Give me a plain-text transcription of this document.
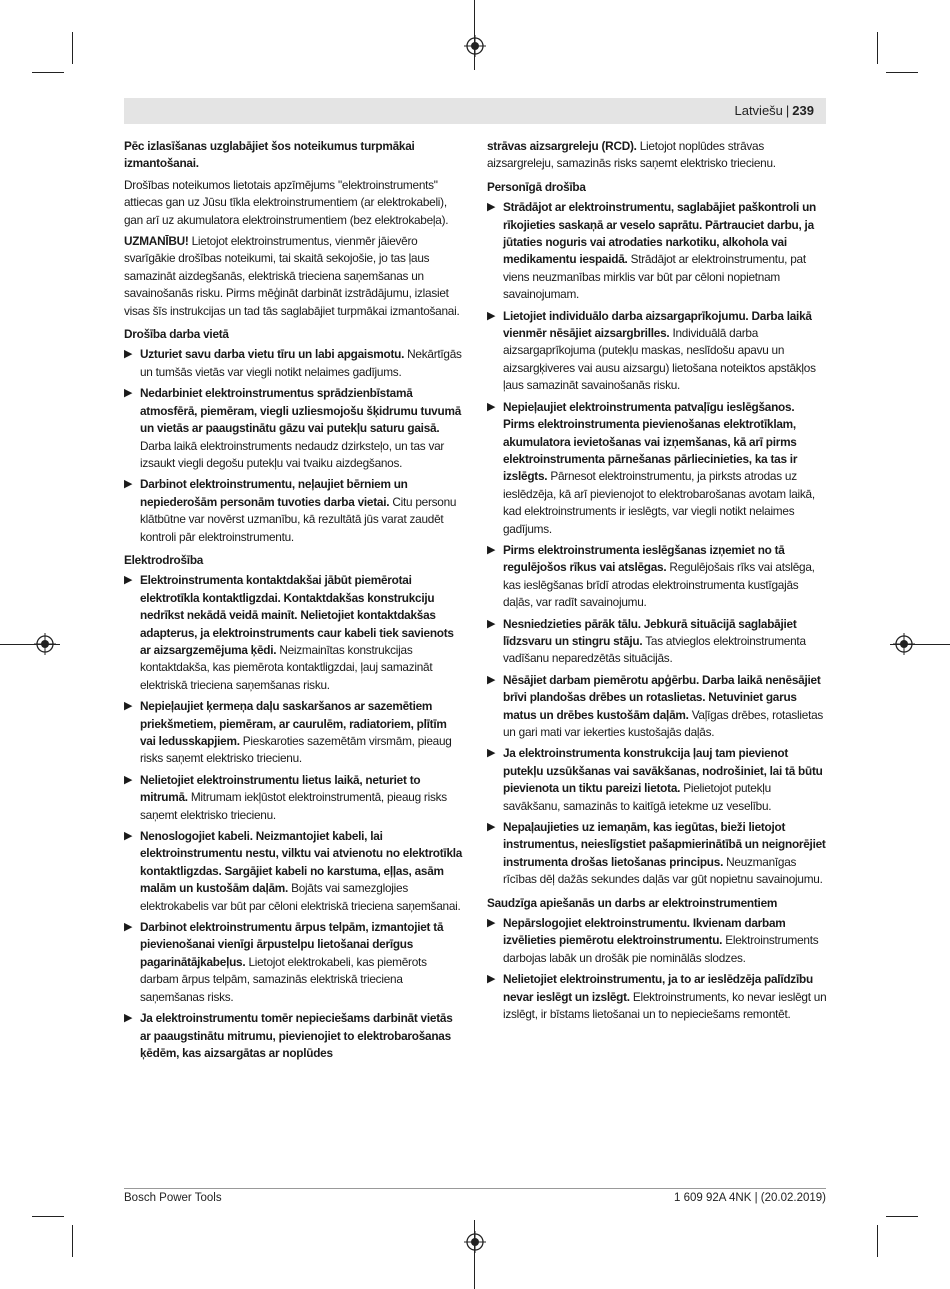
Latviešu | 239

Pēc izlasīšanas uzglabājiet šos noteikumus turpmākai izmantošanai.

Drošības noteikumos lietotais apzīmējums "elektroinstruments" attiecas gan uz Jūsu tīkla elektroinstrumentiem (ar elektrokabeli), gan arī uz akumulatora elektroinstrumentiem (bez elektrokabeļa).

UZMANĪBU! Lietojot elektroinstrumentus, vienmēr jāievēro svarīgākie drošības noteikumi, tai skaitā sekojošie, jo tas ļaus samazināt aizdegšanās, elektriskā trieciena saņemšanas un savainošanās risku. Pirms mēģināt darbināt izstrādājumu, izlasiet visas šīs instrukcijas un tad tās saglabājiet turpmākai izmantošanai.

Drošība darba vietā

▶ Uzturiet savu darba vietu tīru un labi apgaismotu. Nekārtīgās un tumšās vietās var viegli notikt nelaimes gadījums.
▶ Nedarbiniet elektroinstrumentus sprādzienbīstamā atmosfērā, piemēram, viegli uzliesmojošu šķidrumu tuvumā un vietās ar paaugstinātu gāzu vai putekļu saturu gaisā. Darba laikā elektroinstruments nedaudz dzirksteļo, un tas var izsaukt viegli degošu putekļu vai tvaiku aizdegšanos.
▶ Darbinot elektroinstrumentu, neļaujiet bērniem un nepiederošām personām tuvoties darba vietai. Citu personu klātbūtne var novērst uzmanību, kā rezultātā jūs varat zaudēt kontroli pār elektroinstrumentu.

Elektrodrošība

▶ Elektroinstrumenta kontaktdakšai jābūt piemērotai elektrotīkla kontaktligzdai. Kontaktdakšas konstrukciju nedrīkst nekādā veidā mainīt. Nelietojiet kontaktdakšas adapterus, ja elektroinstruments caur kabeli tiek savienots ar aizsargzemējuma ķēdi. Neizmainītas konstrukcijas kontaktdakša, kas piemērota kontaktligzdai, ļauj samazināt elektriskā trieciena saņemšanas risku.
▶ Nepieļaujiet ķermeņa daļu saskaršanos ar sazemētiem priekšmetiem, piemēram, ar caurulēm, radiatoriem, plītīm vai ledusskapjiem. Pieskaroties sazemētām virsmām, pieaug risks saņemt elektrisko triecienu.
▶ Nelietojiet elektroinstrumentu lietus laikā, neturiet to mitrumā. Mitrumam iekļūstot elektroinstrumentā, pieaug risks saņemt elektrisko triecienu.
▶ Nenoslogojiet kabeli. Neizmantojiet kabeli, lai elektroinstrumentu nestu, vilktu vai atvienotu no elektrotīkla kontaktligzdas. Sargājiet kabeli no karstuma, eļļas, asām malām un kustošām daļām. Bojāts vai samezglojies elektrokabelis var būt par cēloni elektriskā trieciena saņemšanai.
▶ Darbinot elektroinstrumentu ārpus telpām, izmantojiet tā pievienošanai vienīgi ārpustelpu lietošanai derīgus pagarinātājkabeļus. Lietojot elektrokabeli, kas piemērots darbam ārpus telpām, samazinās elektriskā trieciena saņemšanas risks.
▶ Ja elektroinstrumentu tomēr nepieciešams darbināt vietās ar paaugstinātu mitrumu, pievienojiet to elektrobarošanas ķēdēm, kas aizsargātas ar noplūdes

strāvas aizsargreleju (RCD). Lietojot noplūdes strāvas aizsargreleju, samazinās risks saņemt elektrisko triecienu.

Personīgā drošība

▶ Strādājot ar elektroinstrumentu, saglabājiet paškontroli un rīkojieties saskaņā ar veselo saprātu. Pārtrauciet darbu, ja jūtaties noguris vai atrodaties narkotiku, alkohola vai medikamentu iespaidā. Strādājot ar elektroinstrumentu, pat viens neuzmanības mirklis var būt par cēloni nopietnam savainojumam.
▶ Lietojiet individuālo darba aizsargaprīkojumu. Darba laikā vienmēr nēsājiet aizsargbrilles. Individuālā darba aizsargaprīkojuma (putekļu maskas, neslīdošu apavu un aizsargķiveres vai ausu aizsargu) lietošana noteiktos apstākļos ļaus samazināt savainošanās risku.
▶ Nepieļaujiet elektroinstrumenta patvaļīgu ieslēgšanos. Pirms elektroinstrumenta pievienošanas elektrotīklam, akumulatora ievietošanas vai izņemšanas, kā arī pirms elektroinstrumenta pārnešanas pārliecinieties, ka tas ir izslēgts. Pārnesot elektroinstrumentu, ja pirksts atrodas uz ieslēdzēja, kā arī pievienojot to elektrobarošanas avotam laikā, kad elektroinstruments ir ieslēgts, var viegli notikt nelaimes gadījums.
▶ Pirms elektroinstrumenta ieslēgšanas izņemiet no tā regulējošos rīkus vai atslēgas. Regulējošais rīks vai atslēga, kas ieslēgšanas brīdī atrodas elektroinstrumenta kustīgajās daļās, var radīt savainojumu.
▶ Nesniedzieties pārāk tālu. Jebkurā situācijā saglabājiet līdzsvaru un stingru stāju. Tas atvieglos elektroinstrumenta vadīšanu neparedzētās situācijās.
▶ Nēsājiet darbam piemērotu apģērbu. Darba laikā nenēsājiet brīvi plandošas drēbes un rotaslietas. Netuviniet garus matus un drēbes kustošām daļām. Vaļīgas drēbes, rotaslietas un gari mati var iekerties kustošajās daļās.
▶ Ja elektroinstrumenta konstrukcija ļauj tam pievienot putekļu uzsūkšanas vai savākšanas, nodrošiniet, lai tā būtu pievienota un tiktu pareizi lietota. Pielietojot putekļu savākšanu, samazinās to kaitīgā ietekme uz veselību.
▶ Nepaļaujieties uz iemaņām, kas iegūtas, bieži lietojot instrumentus, neieslīgstiet pašapmierinātībā un neignorējiet instrumenta drošas lietošanas principus. Neuzmanīgas rīcības dēļ dažās sekundes daļās var gūt nopietnu savainojumu.

Saudzīga apiešanās un darbs ar elektroinstrumentiem

▶ Nepārslogojiet elektroinstrumentu. Ikvienam darbam izvēlieties piemērotu elektroinstrumentu. Elektroinstruments darbojas labāk un drošāk pie nominālās slodzes.
▶ Nelietojiet elektroinstrumentu, ja to ar ieslēdzēja palīdzību nevar ieslēgt un izslēgt. Elektroinstruments, ko nevar ieslēgt un izslēgt, ir bīstams lietošanai un to nepieciešams remontēt.
Bosch Power Tools	1 609 92A 4NK | (20.02.2019)
